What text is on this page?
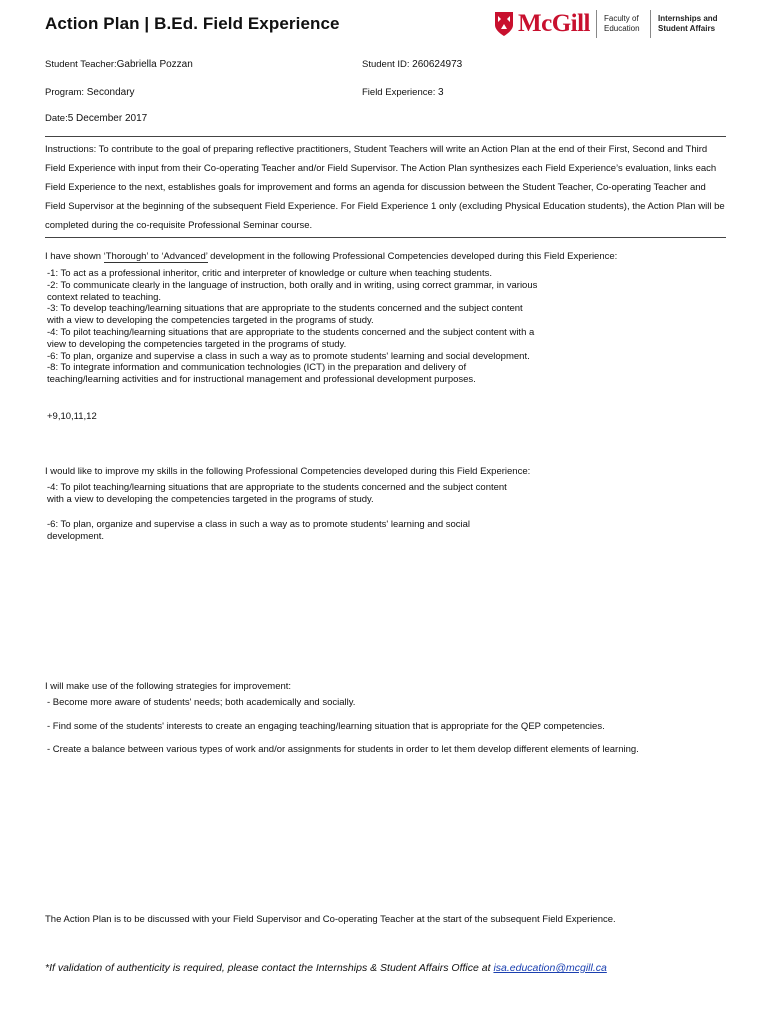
Action Plan | B.Ed. Field Experience	McGill Faculty of
Education
Internships and
Student Affairs
Student Teacher:Gabriella Pozzan	Student ID: 260624973
Program: Secondary	Field Experience: 3
Date:5 December 2017
Instructions: To contribute to the goal of preparing reflective practitioners, Student Teachers will write an Action Plan at the end of their First, Second and Third Field Experience with input from their Co-operating Teacher and/or Field Supervisor. The Action Plan synthesizes each Field Experience’s evaluation, links each Field Experience to the next, establishes goals for improvement and forms an agenda for discussion between the Student Teacher, Co-operating Teacher and Field Supervisor at the beginning of the subsequent Field Experience. For Field Experience 1 only (excluding Physical Education students), the Action Plan will be completed during the co-requisite Professional Seminar course.
I have shown ‘Thorough’ to ‘Advanced’ development in the following Professional Competencies developed during this Field Experience:
-1: To act as a professional inheritor, critic and interpreter of knowledge or culture when teaching students.
-2: To communicate clearly in the language of instruction, both orally and in writing, using correct grammar, in various context related to teaching.
-3: To develop teaching/learning situations that are appropriate to the students concerned and the subject content with a view to developing the competencies targeted in the programs of study.
-4: To pilot teaching/learning situations that are appropriate to the students concerned and the subject content with a view to developing the competencies targeted in the programs of study.
-6: To plan, organize and supervise a class in such a way as to promote students' learning and social development.
-8: To integrate information and communication technologies (ICT) in the preparation and delivery of teaching/learning activities and for instructional management and professional development purposes.
+9,10,11,12
I would like to improve my skills in the following Professional Competencies developed during this Field Experience:
-4: To pilot teaching/learning situations that are appropriate to the students concerned and the subject content with a view to developing the competencies targeted in the programs of study.
-6: To plan, organize and supervise a class in such a way as to promote students' learning and social development.
I will make use of the following strategies for improvement:
- Become more aware of students' needs; both academically and socially.
- Find some of the students' interests to create an engaging teaching/learning situation that is appropriate for the QEP competencies.
- Create a balance between various types of work and/or assignments for students in order to let them develop different elements of learning.
The Action Plan is to be discussed with your Field Supervisor and Co-operating Teacher at the start of the subsequent Field Experience.
*If validation of authenticity is required, please contact the Internships & Student Affairs Office at isa.education@mcgill.ca
